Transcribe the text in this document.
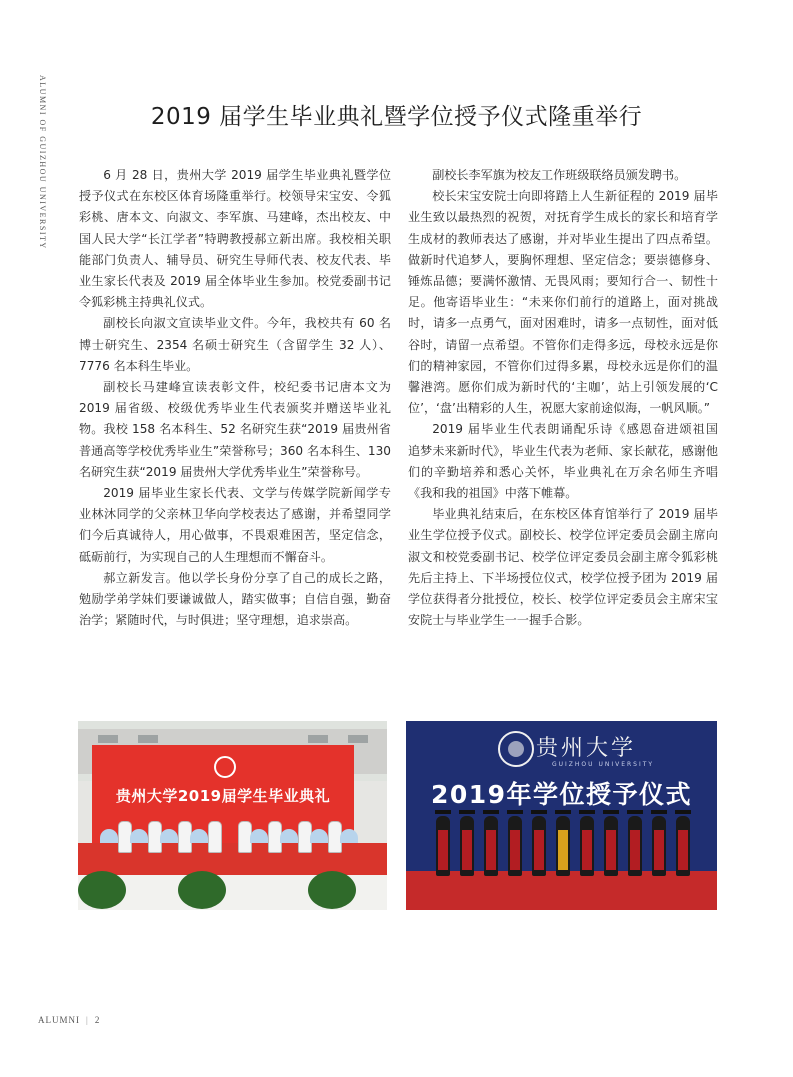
ALUMNI OF GUIZHOU UNIVERSITY	2019 届学生毕业典礼暨学位授予仪式隆重举行

6 月 28 日，贵州大学 2019 届学生毕业典礼暨学位授予仪式在东校区体育场隆重举行。校领导宋宝安、令狐彩桃、唐本文、向淑文、李军旗、马建峰，杰出校友、中国人民大学“长江学者”特聘教授郝立新出席。我校相关职能部门负责人、辅导员、研究生导师代表、校友代表、毕业生家长代表及 2019 届全体毕业生参加。校党委副书记令狐彩桃主持典礼仪式。

副校长向淑文宣读毕业文件。今年，我校共有 60 名博士研究生、2354 名硕士研究生（含留学生 32 人）、7776 名本科生毕业。

副校长马建峰宣读表彰文件，校纪委书记唐本文为 2019 届省级、校级优秀毕业生代表颁奖并赠送毕业礼物。我校 158 名本科生、52 名研究生获“2019 届贵州省普通高等学校优秀毕业生”荣誉称号；360 名本科生、130 名研究生获“2019 届贵州大学优秀毕业生”荣誉称号。

2019 届毕业生家长代表、文学与传媒学院新闻学专业林沐同学的父亲林卫华向学校表达了感谢，并希望同学们今后真诚待人，用心做事，不畏艰难困苦，坚定信念，砥砺前行，为实现自己的人生理想而不懈奋斗。

郝立新发言。他以学长身份分享了自己的成长之路，勉励学弟学妹们要谦诚做人，踏实做事；自信自强，勤奋治学；紧随时代，与时俱进；坚守理想，追求崇高。

副校长李军旗为校友工作班级联络员颁发聘书。

校长宋宝安院士向即将踏上人生新征程的 2019 届毕业生致以最热烈的祝贺，对抚育学生成长的家长和培育学生成材的教师表达了感谢，并对毕业生提出了四点希望。做新时代追梦人，要胸怀理想、坚定信念；要崇德修身、锤炼品德；要满怀激情、无畏风雨；要知行合一、韧性十足。他寄语毕业生：“未来你们前行的道路上，面对挑战时，请多一点勇气，面对困难时，请多一点韧性，面对低谷时，请留一点希望。不管你们走得多远，母校永远是你们的精神家园，不管你们过得多累，母校永远是你们的温馨港湾。愿你们成为新时代的‘主咖’，站上引领发展的‘C 位’，‘盘’出精彩的人生，祝愿大家前途似海，一帆风顺。”

2019 届毕业生代表朗诵配乐诗《感恩奋进颂祖国　追梦未来新时代》，毕业生代表为老师、家长献花，感谢他们的辛勤培养和悉心关怀，毕业典礼在万余名师生齐唱《我和我的祖国》中落下帷幕。

毕业典礼结束后，在东校区体育馆举行了 2019 届毕业生学位授予仪式。副校长、校学位评定委员会副主席向淑文和校党委副书记、校学位评定委员会副主席令狐彩桃先后主持上、下半场授位仪式，校学位授予团为 2019 届学位获得者分批授位，校长、校学位评定委员会主席宋宝安院士与毕业学生一一握手合影。

贵州大学2019届学生毕业典礼
贵州大学
GUIZHOU UNIVERSITY
2019年学位授予仪式
ALUMNI | 2
